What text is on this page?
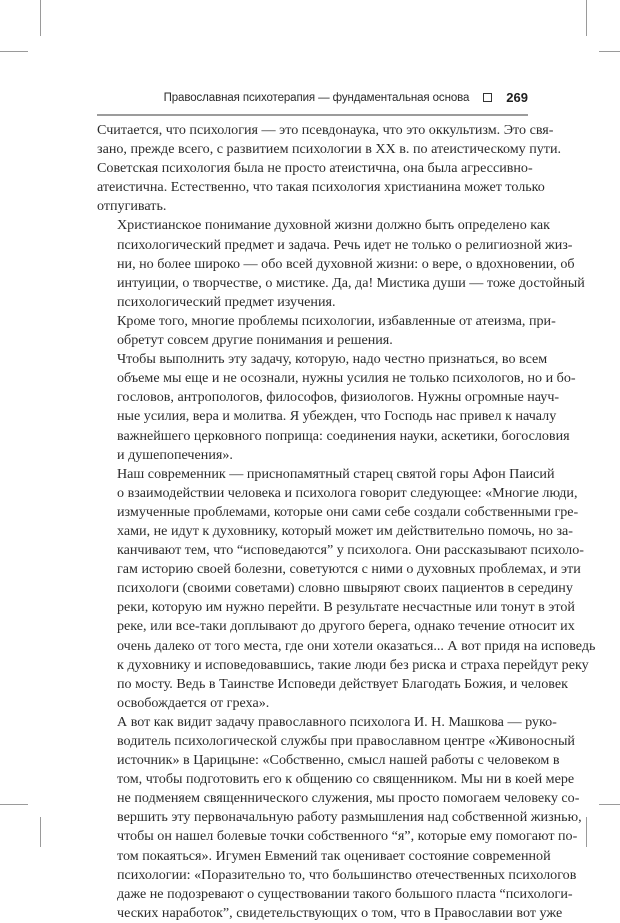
Православная психотерапия — фундаментальная основа	269

Считается, что психология — это псевдонаука, что это оккультизм. Это свя-
зано, прежде всего, с развитием психологии в XX в. по атеистическому пути.
Советская психология была не просто атеистична, она была агрессивно-
атеистична. Естественно, что такая психология христианина может только
отпугивать.

Христианское понимание духовной жизни должно быть определено как
психологический предмет и задача. Речь идет не только о религиозной жиз-
ни, но более широко — обо всей духовной жизни: о вере, о вдохновении, об
интуиции, о творчестве, о мистике. Да, да! Мистика души — тоже достойный
психологический предмет изучения.

Кроме того, многие проблемы психологии, избавленные от атеизма, при-
обретут совсем другие понимания и решения.

Чтобы выполнить эту задачу, которую, надо честно признаться, во всем
объеме мы еще и не осознали, нужны усилия не только психологов, но и бо-
гословов, антропологов, философов, физиологов. Нужны огромные науч-
ные усилия, вера и молитва. Я убежден, что Господь нас привел к началу
важнейшего церковного поприща: соединения науки, аскетики, богословия
и душепопечения».

Наш современник — приснопамятный старец святой горы Афон Паисий
о взаимодействии человека и психолога говорит следующее: «Многие люди,
измученные проблемами, которые они сами себе создали собственными гре-
хами, не идут к духовнику, который может им действительно помочь, но за-
канчивают тем, что “исповедаются” у психолога. Они рассказывают психоло-
гам историю своей болезни, советуются с ними о духовных проблемах, и эти
психологи (своими советами) словно швыряют своих пациентов в середину
реки, которую им нужно перейти. В результате несчастные или тонут в этой
реке, или все-таки доплывают до другого берега, однако течение относит их
очень далеко от того места, где они хотели оказаться... А вот придя на исповедь
к духовнику и исповедовавшись, такие люди без риска и страха перейдут реку
по мосту. Ведь в Таинстве Исповеди действует Благодать Божия, и человек
освобождается от греха».

А вот как видит задачу православного психолога И. Н. Машкова — руко-
водитель психологической службы при православном центре «Живоносный
источник» в Царицыне: «Собственно, смысл нашей работы с человеком в
том, чтобы подготовить его к общению со священником. Мы ни в коей мере
не подменяем священнического служения, мы просто помогаем человеку со-
вершить эту первоначальную работу размышления над собственной жизнью,
чтобы он нашел болевые точки собственного “я”, которые ему помогают по-
том покаяться». Игумен Евмений так оценивает состояние современной
психологии: «Поразительно то, что большинство отечественных психологов
даже не подозревают о существовании такого большого пласта “психологи-
ческих наработок”, свидетельствующих о том, что в Православии вот уже
